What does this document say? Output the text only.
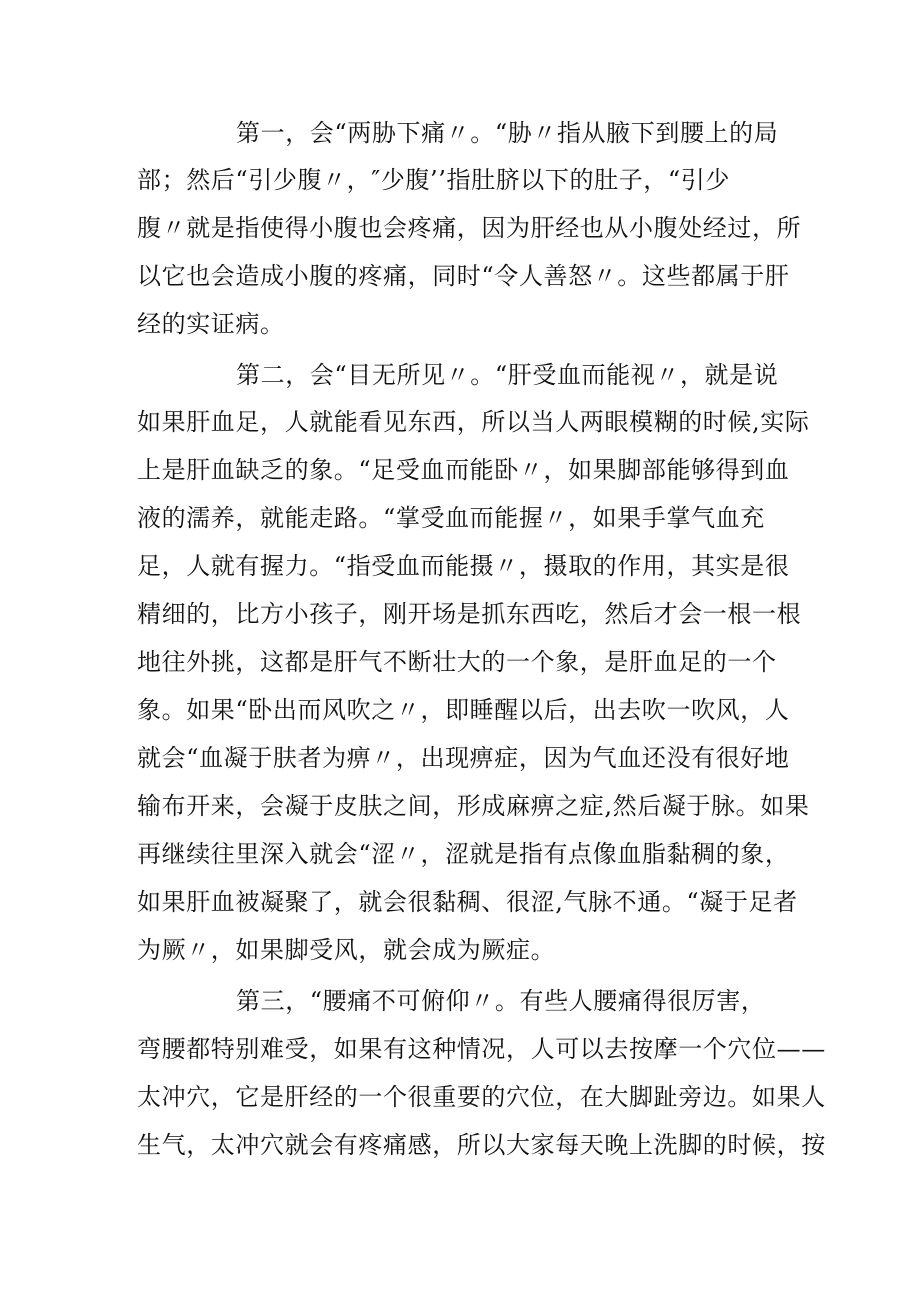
第一，会“两胁下痛〃。“胁〃指从腋下到腰上的局
部；然后“引少腹〃，″少腹’’指肚脐以下的肚子，“引少
腹〃就是指使得小腹也会疼痛，因为肝经也从小腹处经过，所
以它也会造成小腹的疼痛，同时“令人善怒〃。这些都属于肝
经的实证病。
第二，会“目无所见〃。“肝受血而能视〃，就是说
如果肝血足，人就能看见东西，所以当人两眼模糊的时候,实际
上是肝血缺乏的象。“足受血而能卧〃，如果脚部能够得到血
液的濡养，就能走路。“掌受血而能握〃，如果手掌气血充
足，人就有握力。“指受血而能摄〃，摄取的作用，其实是很
精细的，比方小孩子，刚开场是抓东西吃，然后才会一根一根
地往外挑，这都是肝气不断壮大的一个象，是肝血足的一个
象。如果“卧出而风吹之〃，即睡醒以后，出去吹一吹风，人
就会“血凝于肤者为痹〃，出现痹症，因为气血还没有很好地
输布开来，会凝于皮肤之间，形成麻痹之症,然后凝于脉。如果
再继续往里深入就会“涩〃，涩就是指有点像血脂黏稠的象，
如果肝血被凝聚了，就会很黏稠、很涩,气脉不通。“凝于足者
为厥〃，如果脚受风，就会成为厥症。
第三，“腰痛不可俯仰〃。有些人腰痛得很厉害，
弯腰都特别难受，如果有这种情况，人可以去按摩一个穴位——
太冲穴，它是肝经的一个很重要的穴位，在大脚趾旁边。如果人
生气，太冲穴就会有疼痛感，所以大家每天晚上洗脚的时候，按
